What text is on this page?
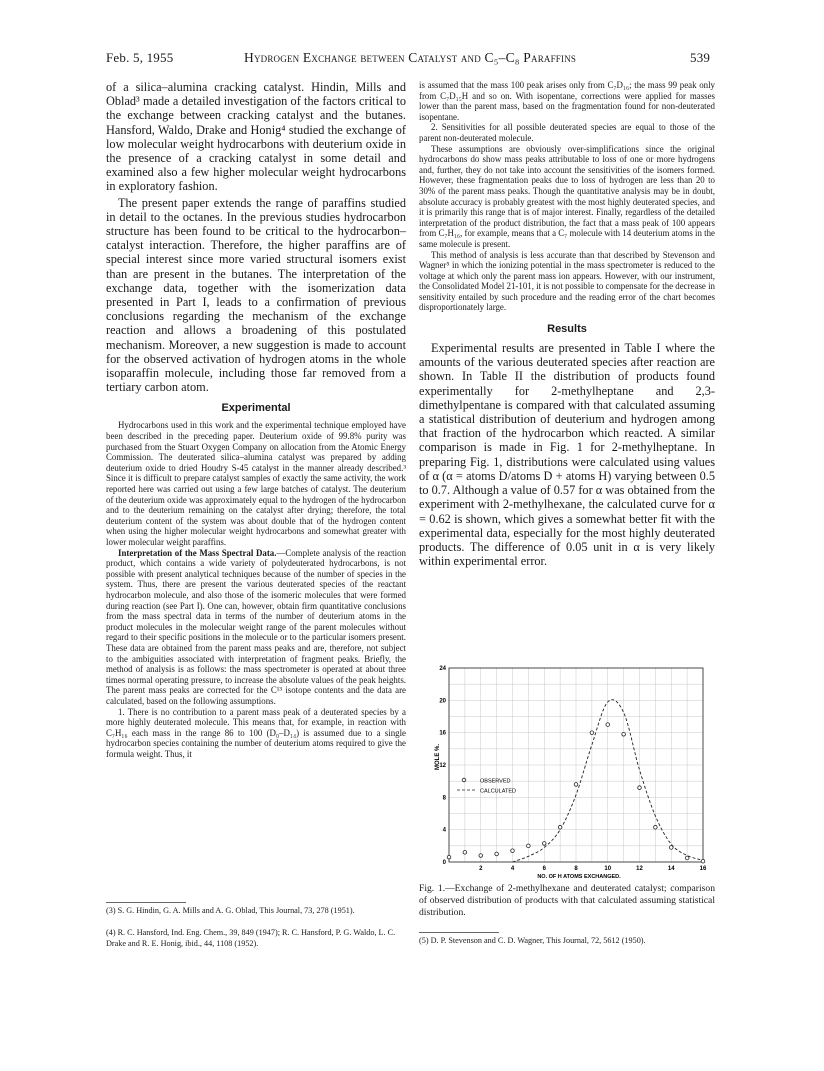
Feb. 5, 1955	Hydrogen Exchange between Catalyst and C₅–C₈ Paraffins	539

of a silica–alumina cracking catalyst. Hindin, Mills and Oblad³ made a detailed investigation of the factors critical to the exchange between cracking catalyst and the butanes. Hansford, Waldo, Drake and Honig⁴ studied the exchange of low molecular weight hydrocarbons with deuterium oxide in the presence of a cracking catalyst in some detail and examined also a few higher molecular weight hydrocarbons in exploratory fashion.

The present paper extends the range of paraffins studied in detail to the octanes. In the previous studies hydrocarbon structure has been found to be critical to the hydrocarbon–catalyst interaction. Therefore, the higher paraffins are of special interest since more varied structural isomers exist than are present in the butanes. The interpretation of the exchange data, together with the isomerization data presented in Part I, leads to a confirmation of previous conclusions regarding the mechanism of the exchange reaction and allows a broadening of this postulated mechanism. Moreover, a new suggestion is made to account for the observed activation of hydrogen atoms in the whole isoparaffin molecule, including those far removed from a tertiary carbon atom.

Experimental

Hydrocarbons used in this work and the experimental technique employed have been described in the preceding paper. Deuterium oxide of 99.8% purity was purchased from the Stuart Oxygen Company on allocation from the Atomic Energy Commission. The deuterated silica–alumina catalyst was prepared by adding deuterium oxide to dried Houdry S-45 catalyst in the manner already described.³ Since it is difficult to prepare catalyst samples of exactly the same activity, the work reported here was carried out using a few large batches of catalyst. The deuterium of the deuterium oxide was approximately equal to the hydrogen of the hydrocarbon and to the deuterium remaining on the catalyst after drying; therefore, the total deuterium content of the system was about double that of the hydrogen content when using the higher molecular weight hydrocarbons and somewhat greater with lower molecular weight paraffins.

Interpretation of the Mass Spectral Data.—Complete analysis of the reaction product, which contains a wide variety of polydeuterated hydrocarbons, is not possible with present analytical techniques because of the number of species in the system. Thus, there are present the various deuterated species of the reactant hydrocarbon molecule, and also those of the isomeric molecules that were formed during reaction (see Part I). One can, however, obtain firm quantitative conclusions from the mass spectral data in terms of the number of deuterium atoms in the product molecules in the molecular weight range of the parent molecules without regard to their specific positions in the molecule or to the particular isomers present. These data are obtained from the parent mass peaks and are, therefore, not subject to the ambiguities associated with interpretation of fragment peaks. Briefly, the method of analysis is as follows: the mass spectrometer is operated at about three times normal operating pressure, to increase the absolute values of the peak heights. The parent mass peaks are corrected for the C¹³ isotope contents and the data are calculated, based on the following assumptions.

1. There is no contribution to a parent mass peak of a deuterated species by a more highly deuterated molecule. This means that, for example, in reaction with C₇H₁₆ each mass in the range 86 to 100 (D₀–D₁₄) is assumed due to a single hydrocarbon species containing the number of deuterium atoms required to give the formula weight. Thus, it

(3) S. G. Hindin, G. A. Mills and A. G. Oblad, This Journal, 73, 278 (1951).
(4) R. C. Hansford, Ind. Eng. Chem., 39, 849 (1947); R. C. Hansford, P. G. Waldo, L. C. Drake and R. E. Honig, ibid., 44, 1108 (1952).

is assumed that the mass 100 peak arises only from C₇D₁₆; the mass 99 peak only from C₇D₁₅H and so on. With isopentane, corrections were applied for masses lower than the parent mass, based on the fragmentation found for non-deuterated isopentane.

2. Sensitivities for all possible deuterated species are equal to those of the parent non-deuterated molecule.

These assumptions are obviously over-simplifications since the original hydrocarbons do show mass peaks attributable to loss of one or more hydrogens and, further, they do not take into account the sensitivities of the isomers formed. However, these fragmentation peaks due to loss of hydrogen are less than 20 to 30% of the parent mass peaks. Though the quantitative analysis may be in doubt, absolute accuracy is probably greatest with the most highly deuterated species, and it is primarily this range that is of major interest. Finally, regardless of the detailed interpretation of the product distribution, the fact that a mass peak of 100 appears from C₇H₁₆, for example, means that a C₇ molecule with 14 deuterium atoms in the same molecule is present.

This method of analysis is less accurate than that described by Stevenson and Wagner⁵ in which the ionizing potential in the mass spectrometer is reduced to the voltage at which only the parent mass ion appears. However, with our instrument, the Consolidated Model 21-101, it is not possible to compensate for the decrease in sensitivity entailed by such procedure and the reading error of the chart becomes disproportionately large.

Results

Experimental results are presented in Table I where the amounts of the various deuterated species after reaction are shown. In Table II the distribution of products found experimentally for 2-methylheptane and 2,3-dimethylpentane is compared with that calculated assuming a statistical distribution of deuterium and hydrogen among that fraction of the hydrocarbon which reacted. A similar comparison is made in Fig. 1 for 2-methylheptane. In preparing Fig. 1, distributions were calculated using values of α (α = atoms D/atoms D + atoms H) varying between 0.5 to 0.7. Although a value of 0.57 for α was obtained from the experiment with 2-methylhexane, the calculated curve for α = 0.62 is shown, which gives a somewhat better fit with the experimental data, especially for the most highly deuterated products. The difference of 0.05 unit in α is very likely within experimental error.

2	4	6	8	10	12	14	16
0
4
8
12
16
20
24
OBSERVED
CALCULATED
MOLE %.
NO. OF H ATOMS EXCHANGED.
Fig. 1.—Exchange of 2-methylhexane and deuterated catalyst; comparison of observed distribution of products with that calculated assuming statistical distribution.
(5) D. P. Stevenson and C. D. Wagner, This Journal, 72, 5612 (1950).
